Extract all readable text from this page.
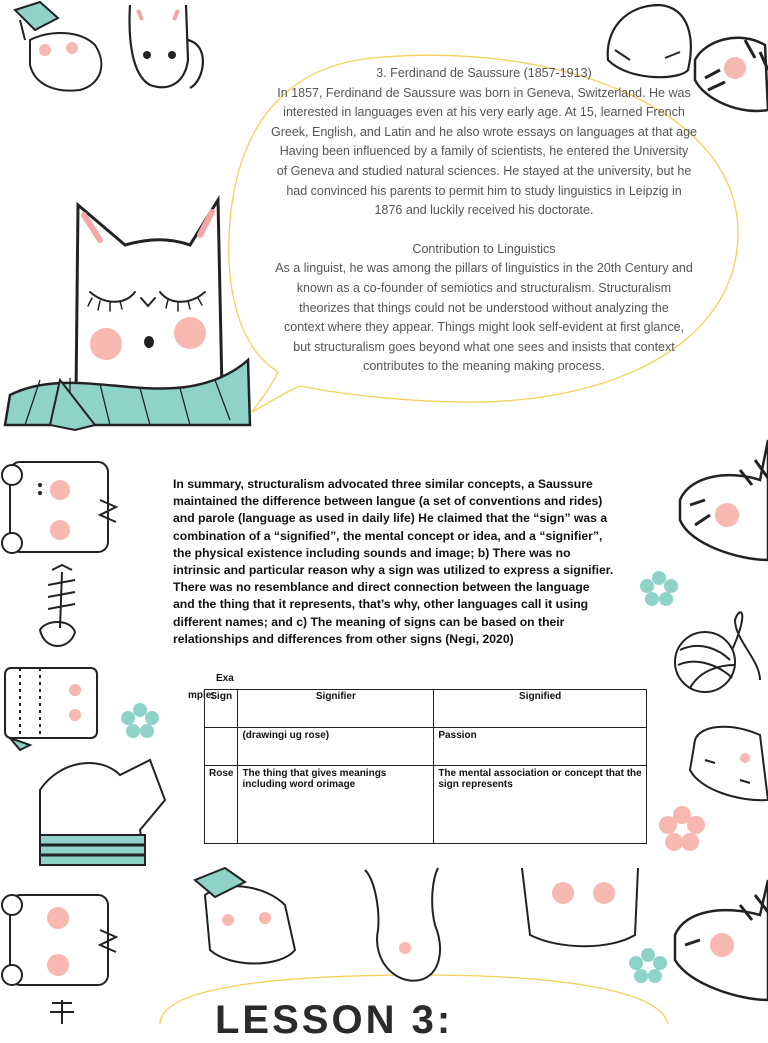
3. Ferdinand de Saussure (1857-1913)

In 1857, Ferdinand de Saussure was born in Geneva, Switzerland. He was

interested in languages even at his very early age. At 15, learned French

Greek, English, and Latin and he also wrote essays on languages at that age

Having been influenced by a family of scientists, he entered the University

of Geneva and studied natural sciences. He stayed at the university, but he

had convinced his parents to permit him to study linguistics in Leipzig in

1876 and luckily received his doctorate.

Contribution to Linguistics

As a linguist, he was among the pillars of linguistics in the 20th Century and

known as a co-founder of semiotics and structuralism. Structuralism

theorizes that things could not be understood without analyzing the

context where they appear. Things might look self-evident at first glance,

but structuralism goes beyond what one sees and insists that context

contributes to the meaning making process.

In summary, structuralism advocated three similar concepts, a Saussure
maintained the difference between langue (a set of conventions and rides)
and parole (language as used in daily life) He claimed that the “sign” was a
combination of a “signified”, the mental concept or idea, and a “signifier”,
the physical existence including sounds and image; b) There was no
intrinsic and particular reason why a sign was utilized to express a signifier.
There was no resemblance and direct connection between the language
and the thing that it represents, that’s why, other languages call it using
different names; and c) The meaning of signs can be based on their
relationships and differences from other signs (Negi, 2020)
Exa
mple:
Sign	Signifier	Signified
	(drawingi ug rose)	Passion
Rose	The thing that gives meanings including word orimage	The mental association or concept that the sign represents
LESSON 3:
